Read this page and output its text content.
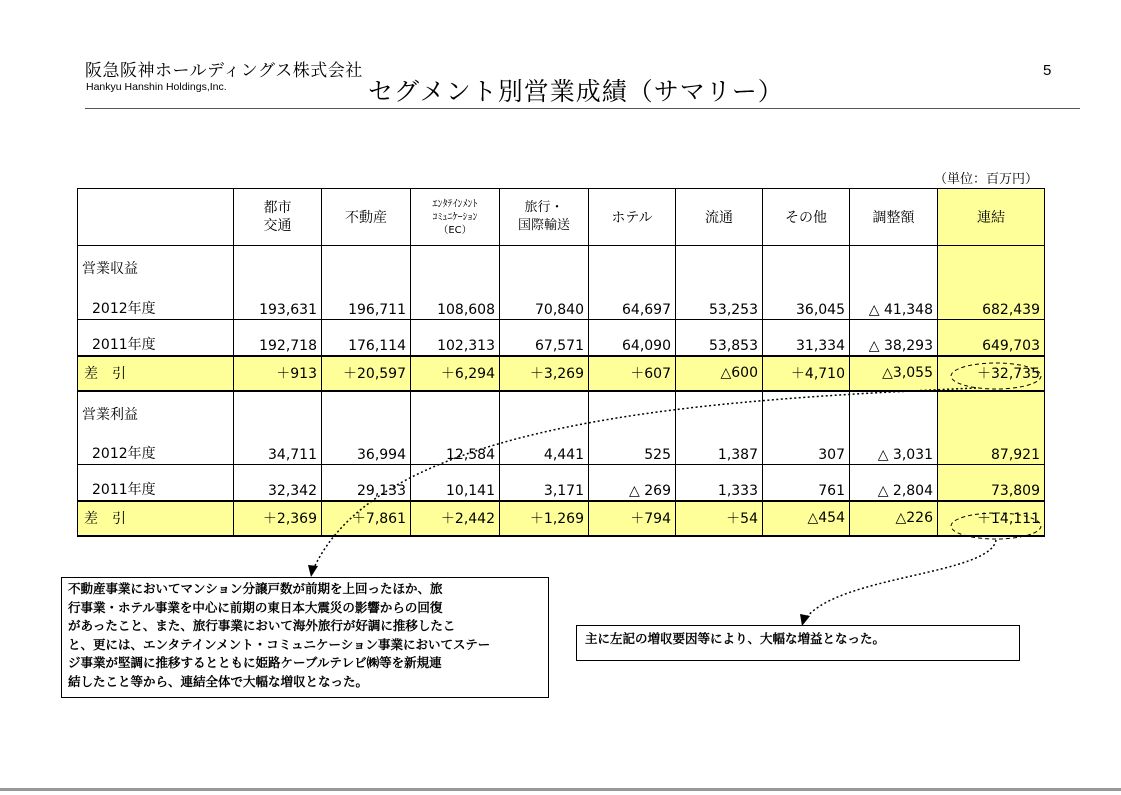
阪急阪神ホールディングス株式会社
Hankyu Hanshin Holdings,Inc.	セグメント別営業成績（サマリー）
5
（単位：百万円）
	都市
交通	不動産	ｴﾝﾀﾃｲﾝﾒﾝﾄ
ｺﾐｭﾆｹｰｼｮﾝ
（EC）	旅行・
国際輸送	ホテル	流通	その他	調整額	連結

営業収益
2012年度	193,631	196,711	108,608	70,840	64,697	53,253	36,045	△ 41,348	682,439
2011年度	192,718	176,114	102,313	67,571	64,090	53,853	31,334	△ 38,293	649,703
差　引	＋913	＋20,597	＋6,294	＋3,269	＋607	△600	＋4,710	△3,055	＋32,735

営業利益
2012年度	34,711	36,994	12,584	4,441	525	1,387	307	△ 3,031	87,921
2011年度	32,342	29,133	10,141	3,171	△ 269	1,333	761	△ 2,804	73,809
差　引	＋2,369	＋7,861	＋2,442	＋1,269	＋794	＋54	△454	△226	＋14,111
不動産事業においてマンション分譲戸数が前期を上回ったほか、旅
行事業・ホテル事業を中心に前期の東日本大震災の影響からの回復
があったこと、また、旅行事業において海外旅行が好調に推移したこ
と、更には、エンタテインメント・コミュニケーション事業においてステー
ジ事業が堅調に推移するとともに姫路ケーブルテレビ㈱等を新規連
結したこと等から、連結全体で大幅な増収となった。
主に左記の増収要因等により、大幅な増益となった。
